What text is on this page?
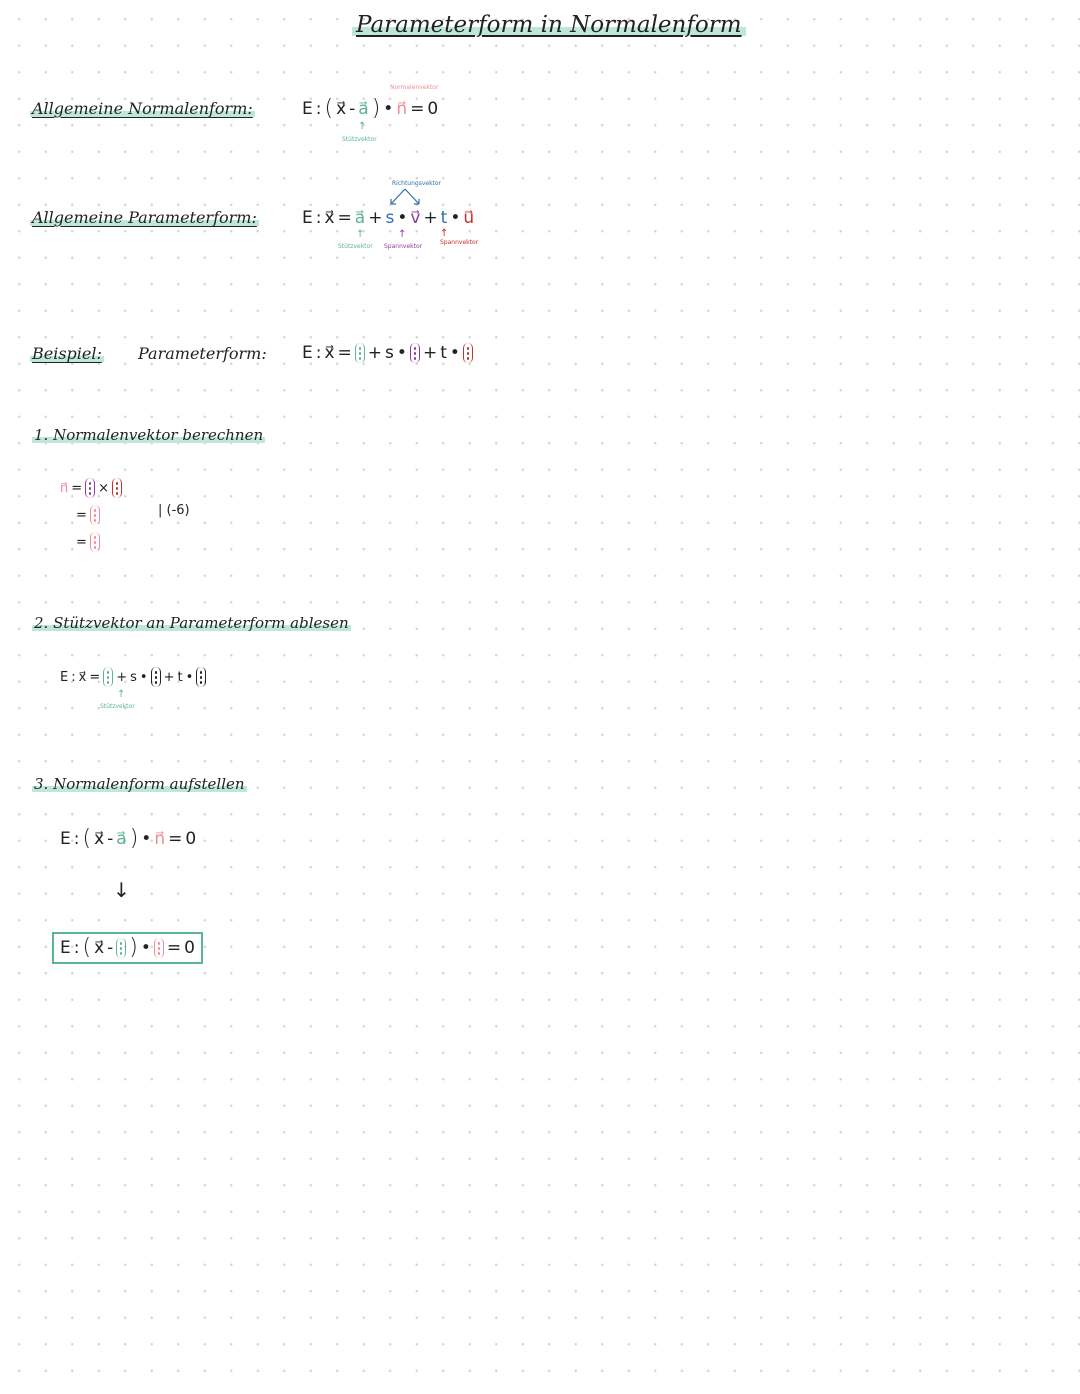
Parameterform in Normalenform
Allgemeine Normalenform:
Normalenvektor
E : ( x⃗ - a⃗ ) • n⃗ = 0
↑
Stützvektor
Allgemeine Parameterform:
Richtungsvektor
E : x⃗ = a⃗ + s • v⃗ + t • u⃗
↑	↑	↑
Stützvektor Spannvektor
Spannvektor
Beispiel: Parameterform: E : x⃗ = + s • + t •
1. Normalenvektor berechnen
n⃗ = ×
=	| (-6)
=
2. Stützvektor an Parameterform ablesen
E : x⃗ = + s • + t •
↑
Stützvektor
3. Normalenform aufstellen
E : ( x⃗ - a⃗ ) • n⃗ = 0
↓
E : ( x⃗ - ) • = 0
